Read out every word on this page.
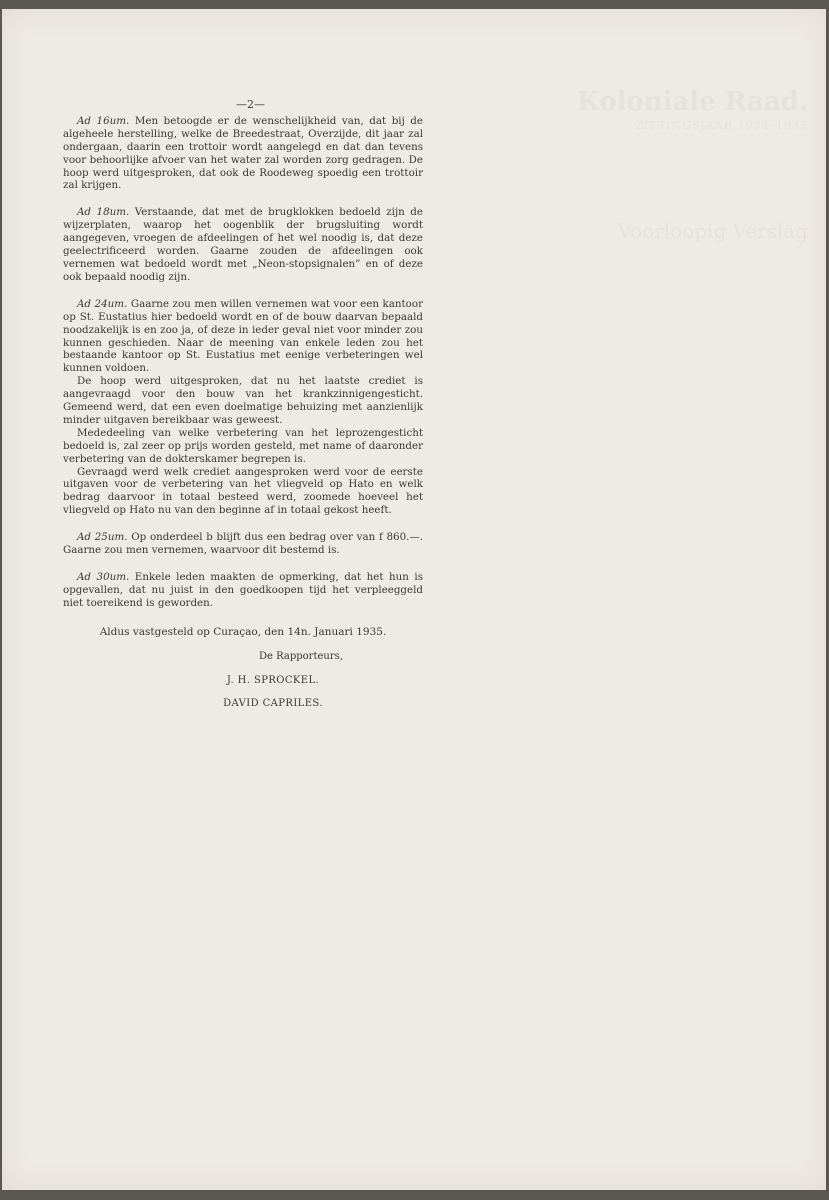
Koloniale Raad.
ZITTINGSJAAR 1934–1935
Voorloopig Verslag
—2—

Ad 16um. Men betoogde er de wenschelijkheid van, dat bij de algeheele herstelling, welke de Breedestraat, Overzijde, dit jaar zal ondergaan, daarin een trottoir wordt aangelegd en dat dan tevens voor behoorlijke afvoer van het water zal worden zorg gedragen. De hoop werd uitgesproken, dat ook de Roodeweg spoedig een trottoir zal krijgen.

Ad 18um. Verstaande, dat met de brugklokken bedoeld zijn de wijzerplaten, waarop het oogenblik der brugsluiting wordt aangegeven, vroegen de afdeelingen of het wel noodig is, dat deze geelectrificeerd worden. Gaarne zouden de afdeelingen ook vernemen wat bedoeld wordt met „Neon-stopsignalen” en of deze ook bepaald noodig zijn.

Ad 24um. Gaarne zou men willen vernemen wat voor een kantoor op St. Eustatius hier bedoeld wordt en of de bouw daarvan bepaald noodzakelijk is en zoo ja, of deze in ieder geval niet voor minder zou kunnen geschieden. Naar de meening van enkele leden zou het bestaande kantoor op St. Eustatius met eenige verbeteringen wel kunnen voldoen.
De hoop werd uitgesproken, dat nu het laatste crediet is aangevraagd voor den bouw van het krankzinnigengesticht. Gemeend werd, dat een even doelmatige behuizing met aanzienlijk minder uitgaven bereikbaar was geweest.
Mededeeling van welke verbetering van het leprozengesticht bedoeld is, zal zeer op prijs worden gesteld, met name of daaronder verbetering van de dokterskamer begrepen is.
Gevraagd werd welk crediet aangesproken werd voor de eerste uitgaven voor de verbetering van het vliegveld op Hato en welk bedrag daarvoor in totaal besteed werd, zoomede hoeveel het vliegveld op Hato nu van den beginne af in totaal gekost heeft.

Ad 25um. Op onderdeel b blijft dus een bedrag over van f 860.—. Gaarne zou men vernemen, waarvoor dit bestemd is.

Ad 30um. Enkele leden maakten de opmerking, dat het hun is opgevallen, dat nu juist in den goedkoopen tijd het verpleeggeld niet toereikend is geworden.

Aldus vastgesteld op Curaçao, den 14n. Januari 1935.
De Rapporteurs,
J. H. SPROCKEL.
DAVID CAPRILES.
